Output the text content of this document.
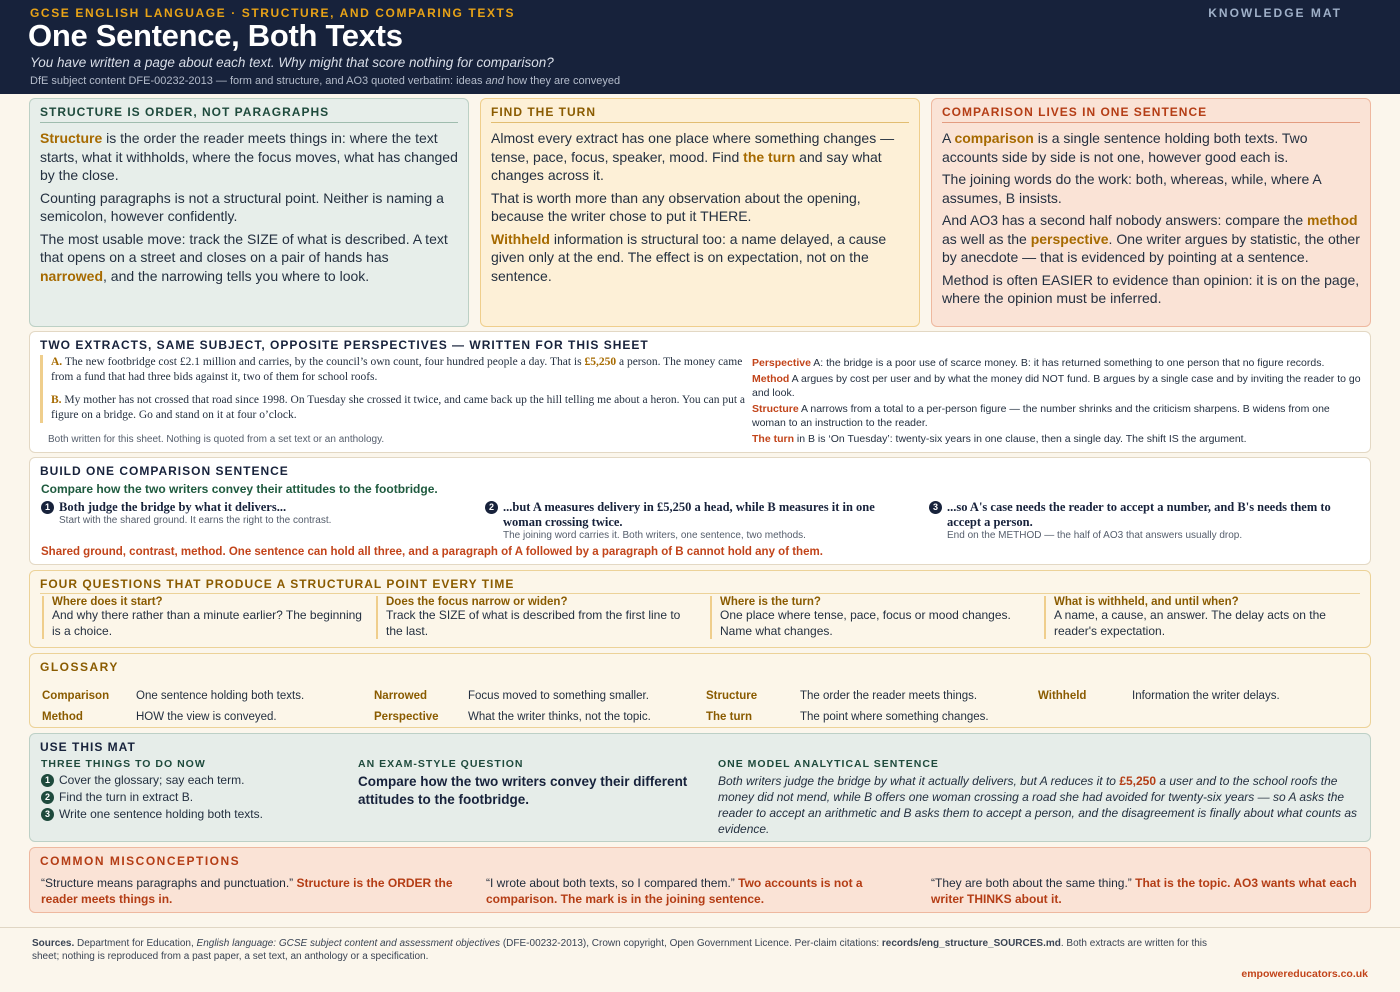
GCSE ENGLISH LANGUAGE · STRUCTURE, AND COMPARING TEXTS
One Sentence, Both Texts
You have written a page about each text. Why might that score nothing for comparison?
DfE subject content DFE-00232-2013 — form and structure, and AO3 quoted verbatim: ideas and how they are conveyed
KNOWLEDGE MAT
STRUCTURE IS ORDER, NOT PARAGRAPHS

Structure is the order the reader meets things in: where the text starts, what it withholds, where the focus moves, what has changed by the close.

Counting paragraphs is not a structural point. Neither is naming a semicolon, however confidently.

The most usable move: track the SIZE of what is described. A text that opens on a street and closes on a pair of hands has narrowed, and the narrowing tells you where to look.

FIND THE TURN

Almost every extract has one place where something changes — tense, pace, focus, speaker, mood. Find the turn and say what changes across it.

That is worth more than any observation about the opening, because the writer chose to put it THERE.

Withheld information is structural too: a name delayed, a cause given only at the end. The effect is on expectation, not on the sentence.

COMPARISON LIVES IN ONE SENTENCE

A comparison is a single sentence holding both texts. Two accounts side by side is not one, however good each is.

The joining words do the work: both, whereas, while, where A assumes, B insists.

And AO3 has a second half nobody answers: compare the method as well as the perspective. One writer argues by statistic, the other by anecdote — that is evidenced by pointing at a sentence.

Method is often EASIER to evidence than opinion: it is on the page, where the opinion must be inferred.

TWO EXTRACTS, SAME SUBJECT, OPPOSITE PERSPECTIVES — WRITTEN FOR THIS SHEET
A. The new footbridge cost £2.1 million and carries, by the council’s own count, four hundred people a day. That is £5,250 a person. The money came from a fund that had three bids against it, two of them for school roofs.
B. My mother has not crossed that road since 1998. On Tuesday she crossed it twice, and came back up the hill telling me about a heron. You can put a figure on a bridge. Go and stand on it at four o’clock.
Both written for this sheet. Nothing is quoted from a set text or an anthology.
Perspective A: the bridge is a poor use of scarce money. B: it has returned something to one person that no figure records.
Method A argues by cost per user and by what the money did NOT fund. B argues by a single case and by inviting the reader to go and look.
Structure A narrows from a total to a per-person figure — the number shrinks and the criticism sharpens. B widens from one woman to an instruction to the reader.
The turn in B is ‘On Tuesday’: twenty-six years in one clause, then a single day. The shift IS the argument.
BUILD ONE COMPARISON SENTENCE
Compare how the two writers convey their attitudes to the footbridge.
1 Both judge the bridge by what it delivers...
Start with the shared ground. It earns the right to the contrast.
2 ...but A measures delivery in £5,250 a head, while B measures it in one woman crossing twice.
The joining word carries it. Both writers, one sentence, two methods.
3 ...so A's case needs the reader to accept a number, and B's needs them to accept a person.
End on the METHOD — the half of AO3 that answers usually drop.
Shared ground, contrast, method. One sentence can hold all three, and a paragraph of A followed by a paragraph of B cannot hold any of them.
FOUR QUESTIONS THAT PRODUCE A STRUCTURAL POINT EVERY TIME
Where does it start?
And why there rather than a minute earlier? The beginning is a choice.
Does the focus narrow or widen?
Track the SIZE of what is described from the first line to the last.
Where is the turn?
One place where tense, pace, focus or mood changes. Name what changes.
What is withheld, and until when?
A name, a cause, an answer. The delay acts on the reader's expectation.
GLOSSARY
Comparison One sentence holding both texts.
Method	HOW the view is conveyed.
Narrowed	Focus moved to something smaller.
Perspective	What the writer thinks, not the topic.
Structure	The order the reader meets things.
The turn	The point where something changes.
Withheld	Information the writer delays.
USE THIS MAT
THREE THINGS TO DO NOW
1 Cover the glossary; say each term.
2 Find the turn in extract B.
3 Write one sentence holding both texts.
AN EXAM-STYLE QUESTION
Compare how the two writers convey their different attitudes to the footbridge.
ONE MODEL ANALYTICAL SENTENCE
Both writers judge the bridge by what it actually delivers, but A reduces it to £5,250 a user and to the school roofs the money did not mend, while B offers one woman crossing a road she had avoided for twenty-six years — so A asks the reader to accept an arithmetic and B asks them to accept a person, and the disagreement is finally about what counts as evidence.
COMMON MISCONCEPTIONS
“Structure means paragraphs and punctuation.” Structure is the ORDER the reader meets things in.
“I wrote about both texts, so I compared them.” Two accounts is not a comparison. The mark is in the joining sentence.
“They are both about the same thing.” That is the topic. AO3 wants what each writer THINKS about it.
Sources. Department for Education, English language: GCSE subject content and assessment objectives (DFE-00232-2013), Crown copyright, Open Government Licence. Per-claim citations: records/eng_structure_SOURCES.md. Both extracts are written for this sheet; nothing is reproduced from a past paper, a set text, an anthology or a specification.
empowereducators.co.uk
